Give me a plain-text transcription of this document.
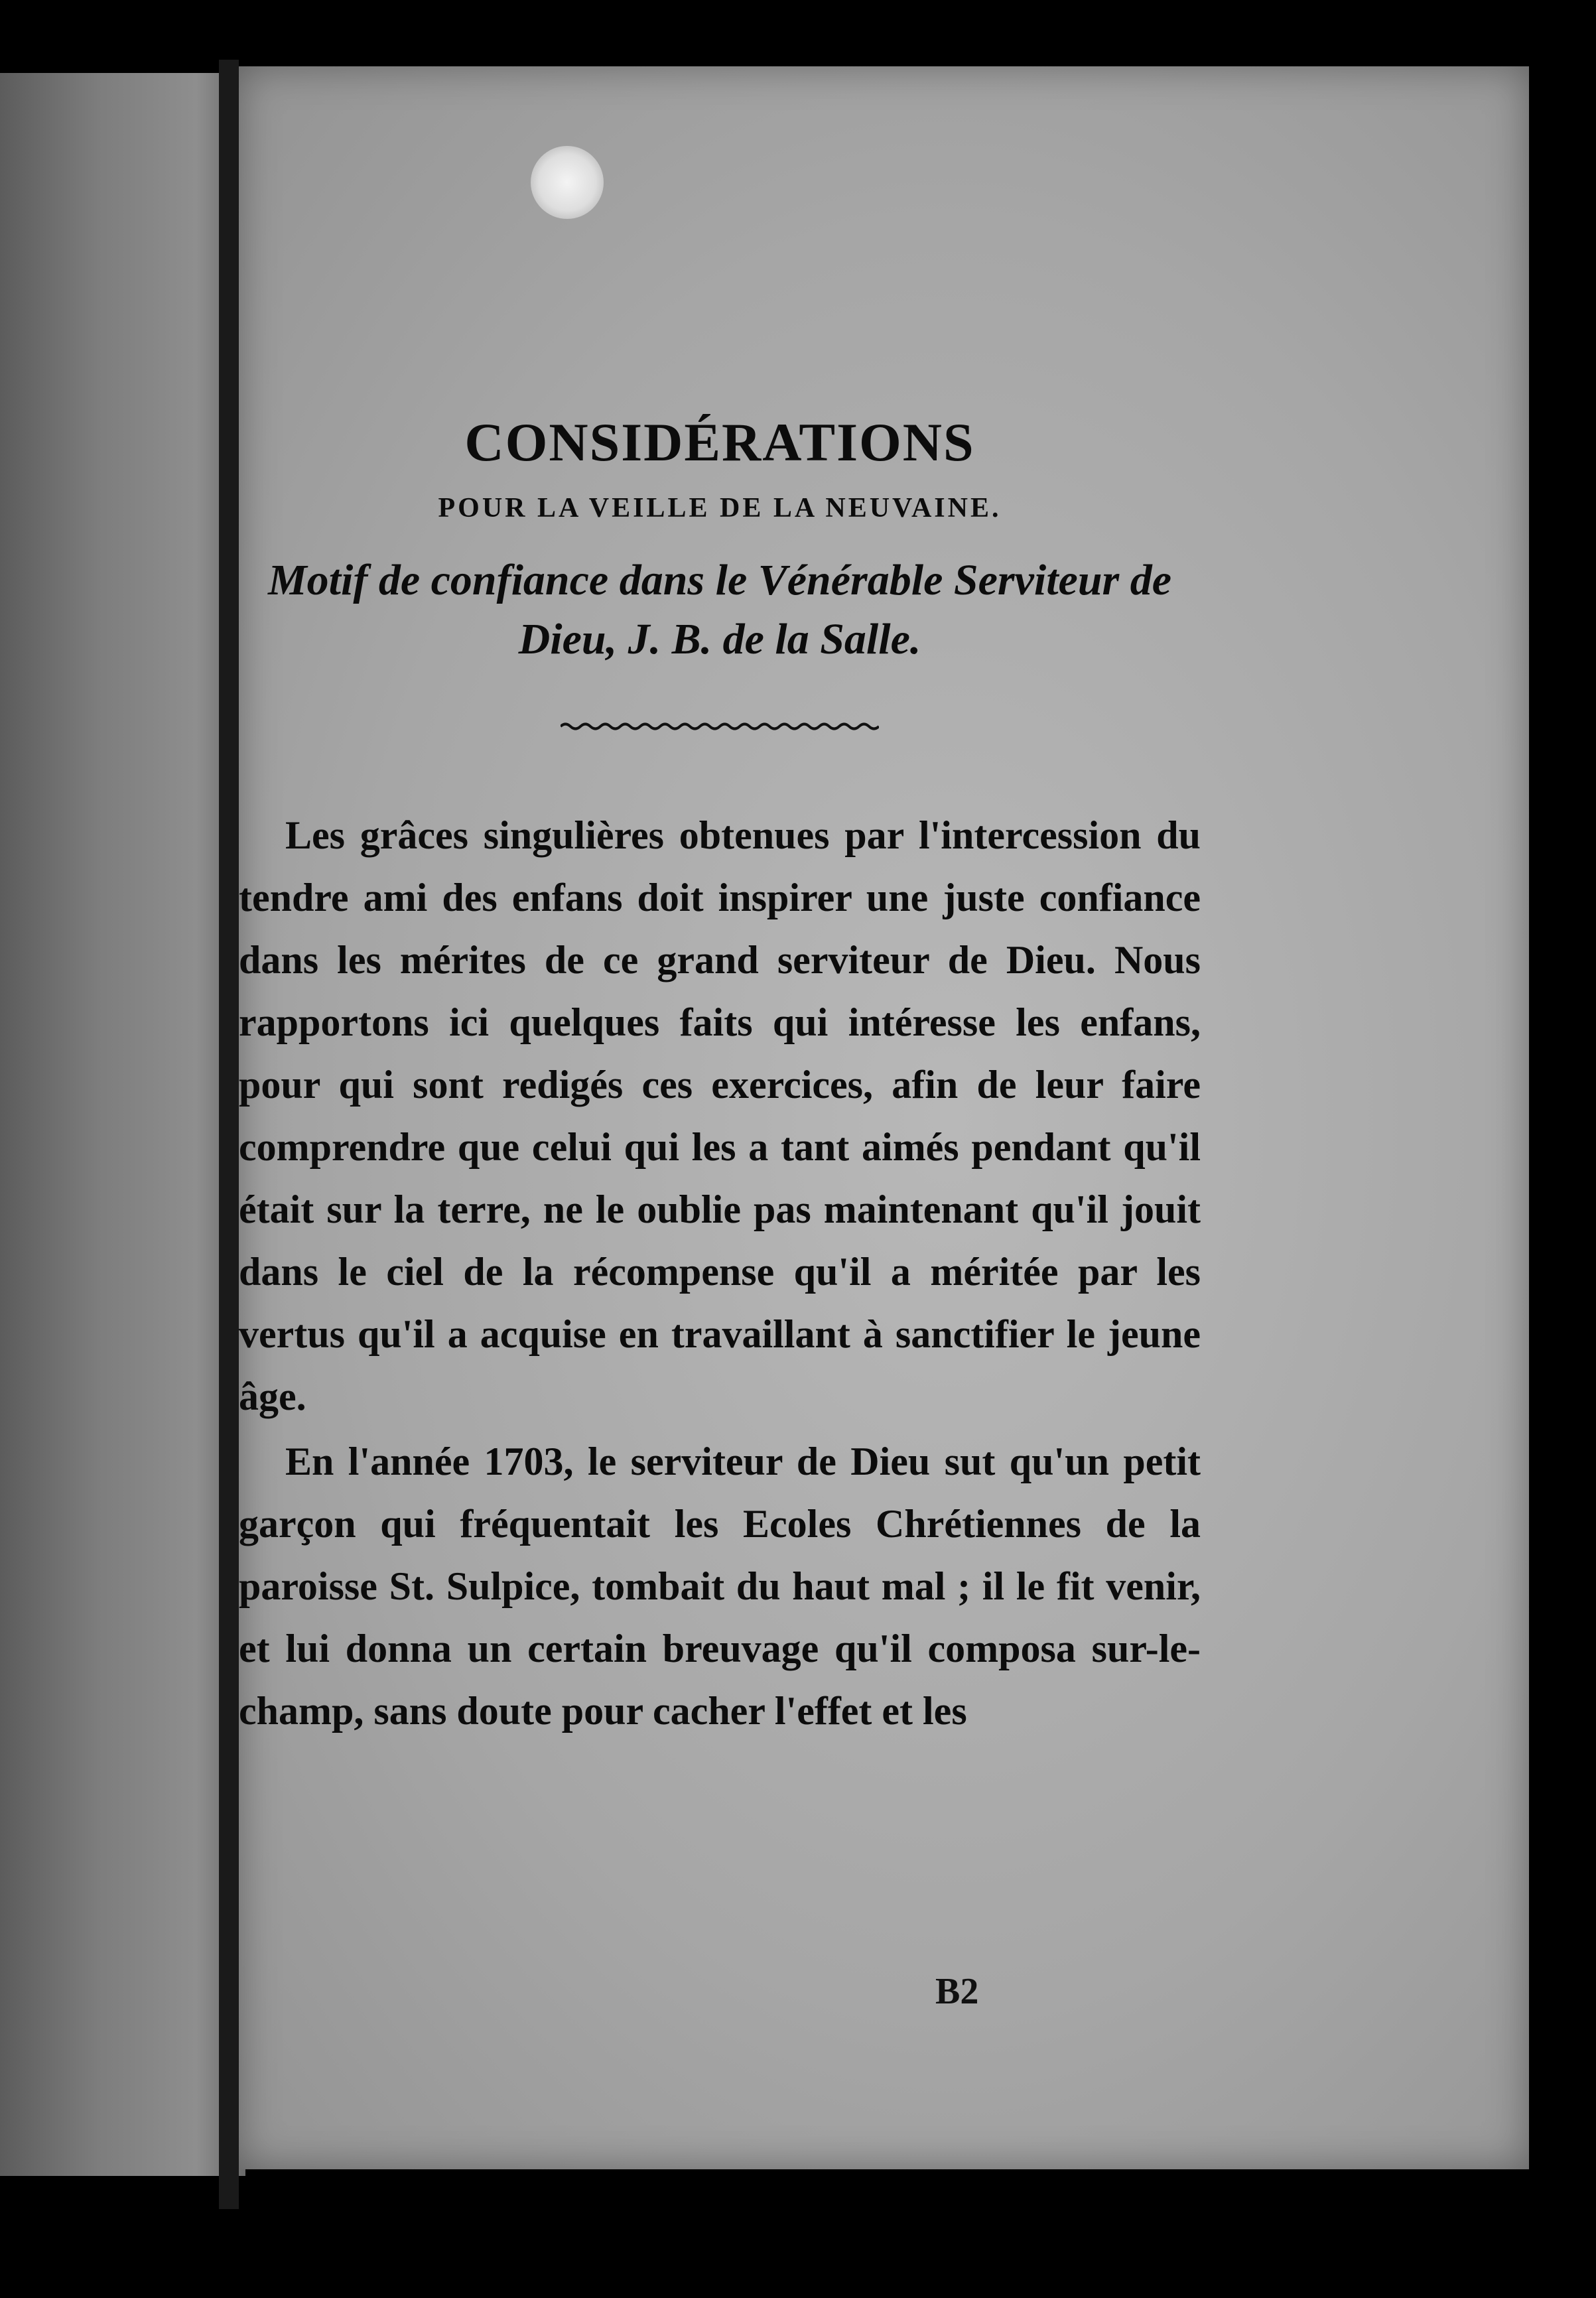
CONSIDÉRATIONS
POUR LA VEILLE DE LA NEUVAINE.
Motif de confiance dans le Vénérable Serviteur de Dieu, J. B. de la Salle.

Les grâces singulières obtenues par l'intercession du tendre ami des enfans doit inspirer une juste confiance dans les mérites de ce grand serviteur de Dieu. Nous rapportons ici quelques faits qui intéresse les enfans, pour qui sont redigés ces exercices, afin de leur faire comprendre que celui qui les a tant aimés pendant qu'il était sur la terre, ne le oublie pas maintenant qu'il jouit dans le ciel de la récompense qu'il a méritée par les vertus qu'il a acquise en travaillant à sanctifier le jeune âge.

En l'année 1703, le serviteur de Dieu sut qu'un petit garçon qui fréquentait les Ecoles Chrétiennes de la paroisse St. Sulpice, tombait du haut mal ; il le fit venir, et lui donna un certain breuvage qu'il composa sur-le-champ, sans doute pour cacher l'effet et les

B2
